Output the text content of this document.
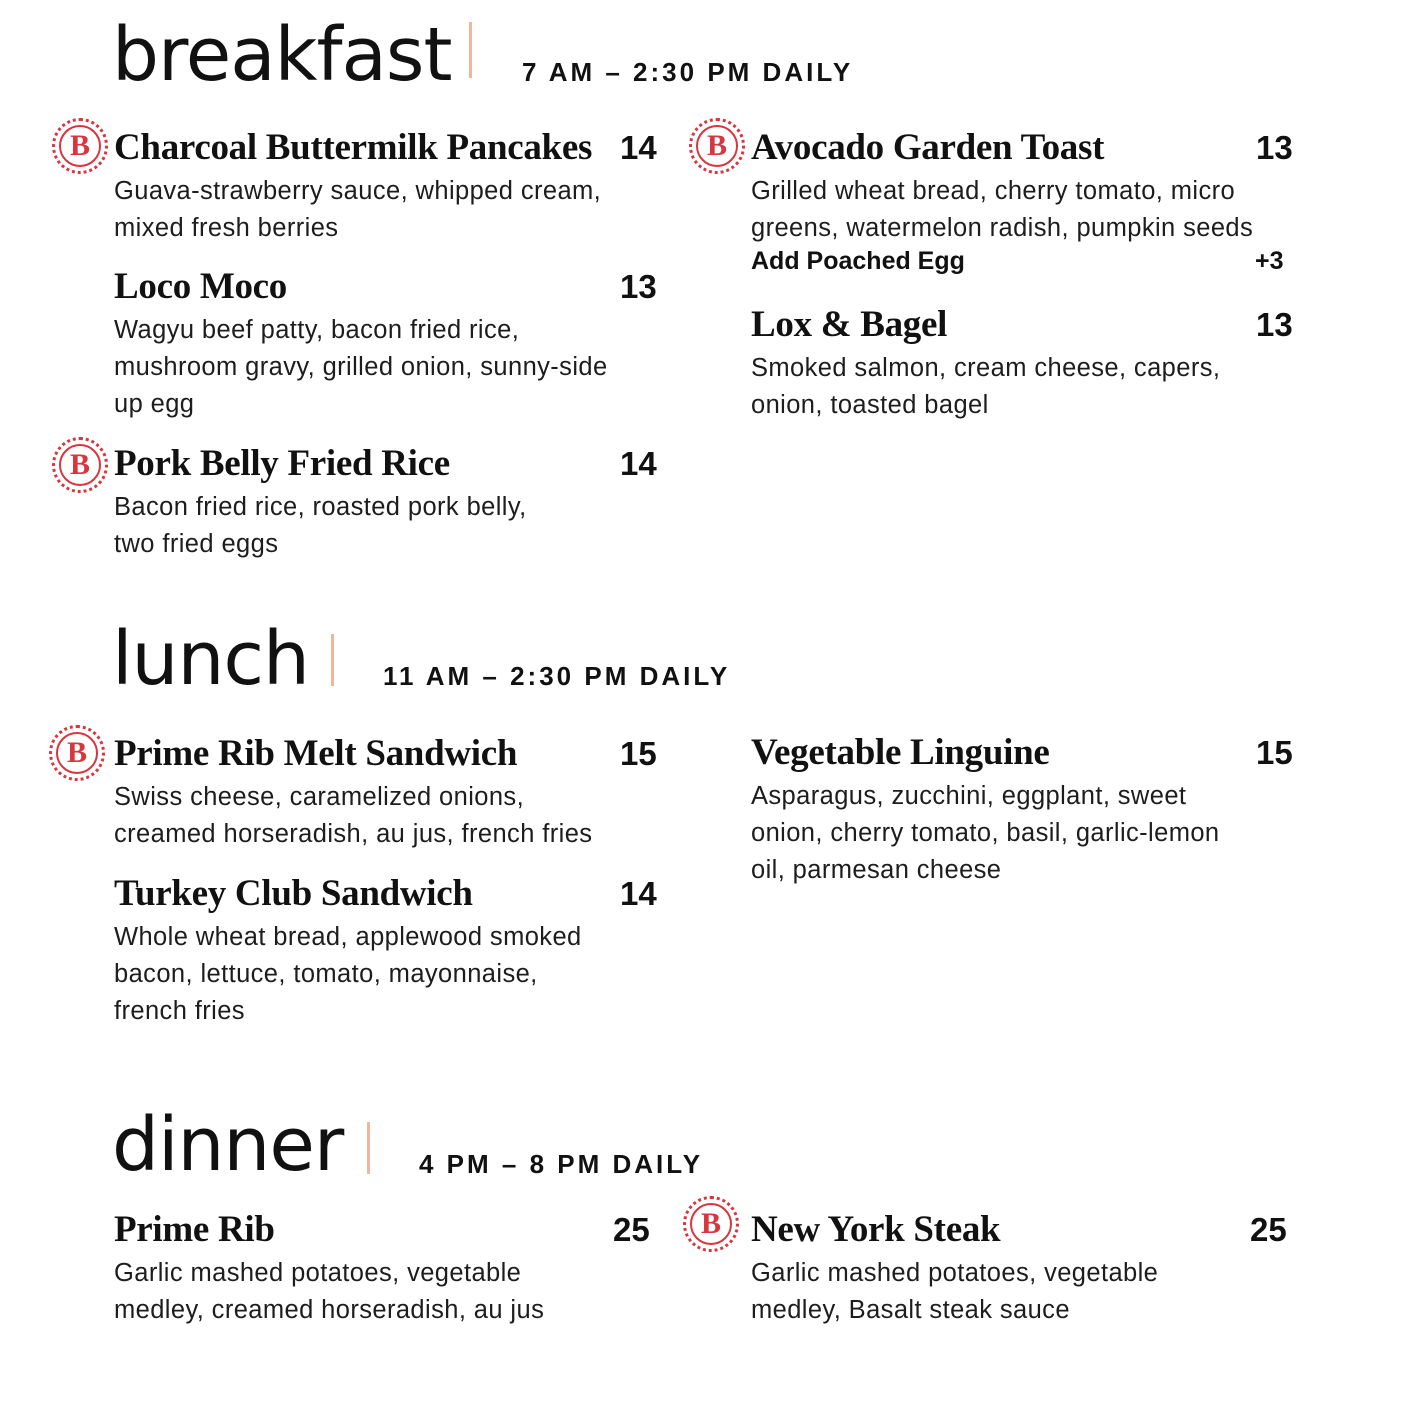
breakfast	7 AM – 2:30 PM DAILY
B Charcoal Buttermilk Pancakes 14
Guava-strawberry sauce, whipped cream,
mixed fresh berries
Loco Moco	13
Wagyu beef patty, bacon fried rice,
mushroom gravy, grilled onion, sunny-side
up egg
B Pork Belly Fried Rice	14
Bacon fried rice, roasted pork belly,
two fried eggs
B Avocado Garden Toast	13
Grilled wheat bread, cherry tomato, micro
greens, watermelon radish, pumpkin seeds
Add Poached Egg	+3
Lox & Bagel	13
Smoked salmon, cream cheese, capers,
onion, toasted bagel
lunch	11 AM – 2:30 PM DAILY
B Prime Rib Melt Sandwich	15
Swiss cheese, caramelized onions,
creamed horseradish, au jus, french fries
Turkey Club Sandwich	14
Whole wheat bread, applewood smoked
bacon, lettuce, tomato, mayonnaise,
french fries
Vegetable Linguine	15
Asparagus, zucchini, eggplant, sweet
onion, cherry tomato, basil, garlic-lemon
oil, parmesan cheese
dinner	4 PM – 8 PM DAILY
Prime Rib	25
Garlic mashed potatoes, vegetable
medley, creamed horseradish, au jus
B New York Steak	25
Garlic mashed potatoes, vegetable
medley, Basalt steak sauce
